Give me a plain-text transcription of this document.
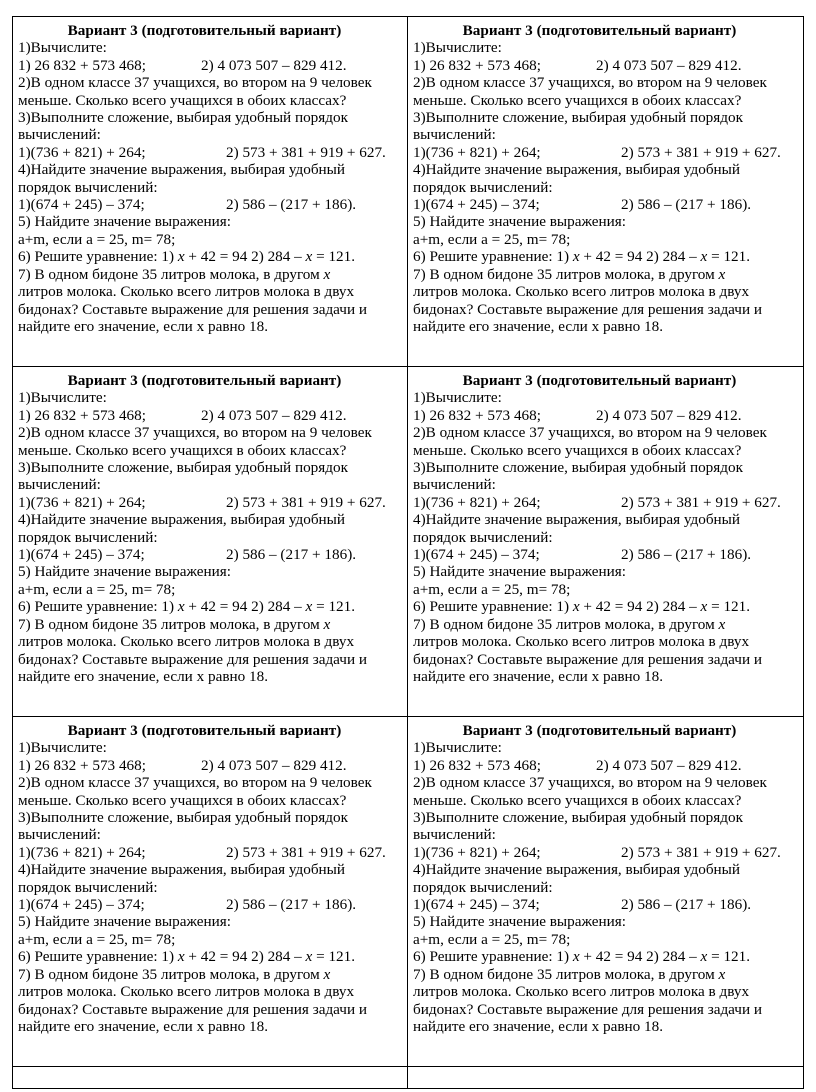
Вариант 3 (подготовительный вариант)
1)Вычислите:
1) 26 832 + 573 468;	2) 4 073 507 – 829 412.
2)В одном классе 37 учащихся, во втором на 9 человек
меньше. Сколько всего учащихся в обоих классах?
3)Выполните сложение, выбирая удобный порядок
вычислений:
1)(736 + 821) + 264;	2) 573 + 381 + 919 + 627.
4)Найдите значение выражения, выбирая удобный
порядок вычислений:
1)(674 + 245) – 374;	2) 586 – (217 + 186).
5) Найдите значение выражения:
a+m, если a = 25, m= 78;
6) Решите уравнение: 1) x + 42 = 94 2) 284 – x = 121.
7) В одном бидоне 35 литров молока, в другом x
литров молока. Сколько всего литров молока в двух
бидонах? Составьте выражение для решения задачи и
найдите его значение, если х равно 18.
Вариант 3 (подготовительный вариант)
1)Вычислите:
1) 26 832 + 573 468;	2) 4 073 507 – 829 412.
2)В одном классе 37 учащихся, во втором на 9 человек
меньше. Сколько всего учащихся в обоих классах?
3)Выполните сложение, выбирая удобный порядок
вычислений:
1)(736 + 821) + 264;	2) 573 + 381 + 919 + 627.
4)Найдите значение выражения, выбирая удобный
порядок вычислений:
1)(674 + 245) – 374;	2) 586 – (217 + 186).
5) Найдите значение выражения:
a+m, если a = 25, m= 78;
6) Решите уравнение: 1) x + 42 = 94 2) 284 – x = 121.
7) В одном бидоне 35 литров молока, в другом x
литров молока. Сколько всего литров молока в двух
бидонах? Составьте выражение для решения задачи и
найдите его значение, если х равно 18.
Вариант 3 (подготовительный вариант)
1)Вычислите:
1) 26 832 + 573 468;	2) 4 073 507 – 829 412.
2)В одном классе 37 учащихся, во втором на 9 человек
меньше. Сколько всего учащихся в обоих классах?
3)Выполните сложение, выбирая удобный порядок
вычислений:
1)(736 + 821) + 264;	2) 573 + 381 + 919 + 627.
4)Найдите значение выражения, выбирая удобный
порядок вычислений:
1)(674 + 245) – 374;	2) 586 – (217 + 186).
5) Найдите значение выражения:
a+m, если a = 25, m= 78;
6) Решите уравнение: 1) x + 42 = 94 2) 284 – x = 121.
7) В одном бидоне 35 литров молока, в другом x
литров молока. Сколько всего литров молока в двух
бидонах? Составьте выражение для решения задачи и
найдите его значение, если х равно 18.
Вариант 3 (подготовительный вариант)
1)Вычислите:
1) 26 832 + 573 468;	2) 4 073 507 – 829 412.
2)В одном классе 37 учащихся, во втором на 9 человек
меньше. Сколько всего учащихся в обоих классах?
3)Выполните сложение, выбирая удобный порядок
вычислений:
1)(736 + 821) + 264;	2) 573 + 381 + 919 + 627.
4)Найдите значение выражения, выбирая удобный
порядок вычислений:
1)(674 + 245) – 374;	2) 586 – (217 + 186).
5) Найдите значение выражения:
a+m, если a = 25, m= 78;
6) Решите уравнение: 1) x + 42 = 94 2) 284 – x = 121.
7) В одном бидоне 35 литров молока, в другом x
литров молока. Сколько всего литров молока в двух
бидонах? Составьте выражение для решения задачи и
найдите его значение, если х равно 18.
Вариант 3 (подготовительный вариант)
1)Вычислите:
1) 26 832 + 573 468;	2) 4 073 507 – 829 412.
2)В одном классе 37 учащихся, во втором на 9 человек
меньше. Сколько всего учащихся в обоих классах?
3)Выполните сложение, выбирая удобный порядок
вычислений:
1)(736 + 821) + 264;	2) 573 + 381 + 919 + 627.
4)Найдите значение выражения, выбирая удобный
порядок вычислений:
1)(674 + 245) – 374;	2) 586 – (217 + 186).
5) Найдите значение выражения:
a+m, если a = 25, m= 78;
6) Решите уравнение: 1) x + 42 = 94 2) 284 – x = 121.
7) В одном бидоне 35 литров молока, в другом x
литров молока. Сколько всего литров молока в двух
бидонах? Составьте выражение для решения задачи и
найдите его значение, если х равно 18.
Вариант 3 (подготовительный вариант)
1)Вычислите:
1) 26 832 + 573 468;	2) 4 073 507 – 829 412.
2)В одном классе 37 учащихся, во втором на 9 человек
меньше. Сколько всего учащихся в обоих классах?
3)Выполните сложение, выбирая удобный порядок
вычислений:
1)(736 + 821) + 264;	2) 573 + 381 + 919 + 627.
4)Найдите значение выражения, выбирая удобный
порядок вычислений:
1)(674 + 245) – 374;	2) 586 – (217 + 186).
5) Найдите значение выражения:
a+m, если a = 25, m= 78;
6) Решите уравнение: 1) x + 42 = 94 2) 284 – x = 121.
7) В одном бидоне 35 литров молока, в другом x
литров молока. Сколько всего литров молока в двух
бидонах? Составьте выражение для решения задачи и
найдите его значение, если х равно 18.
